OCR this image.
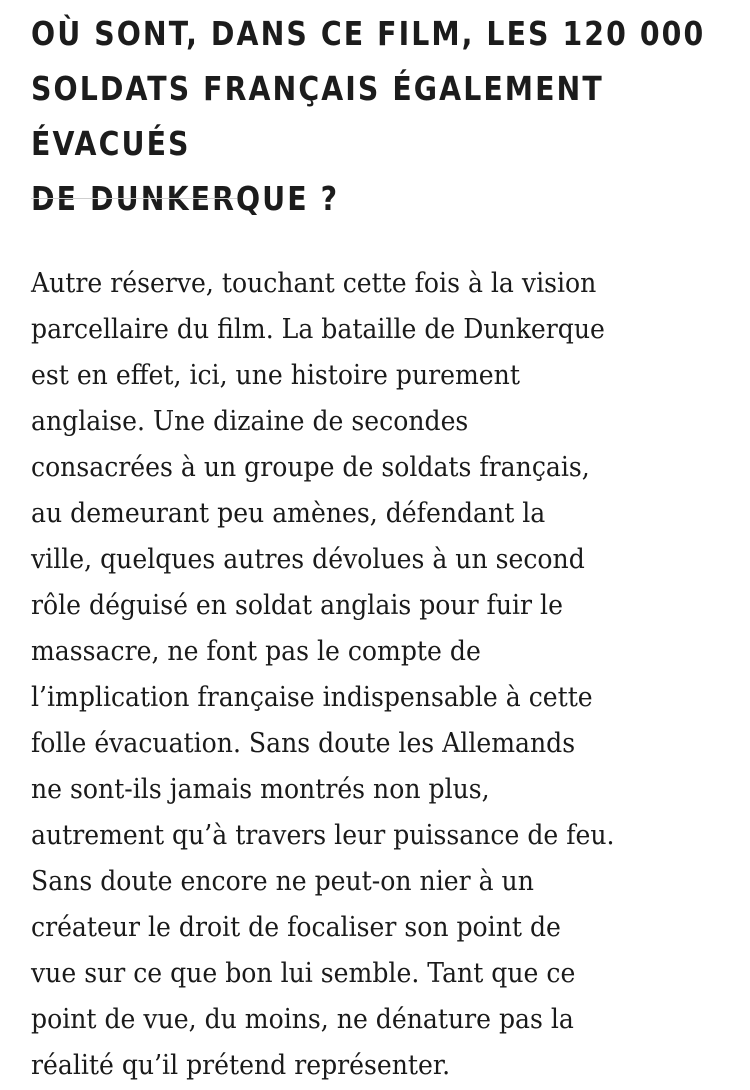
OÙ SONT, DANS CE FILM, LES 120 000
SOLDATS FRANÇAIS ÉGALEMENT ÉVACUÉS
DE DUNKERQUE ?

Autre réserve, touchant cette fois à la vision
parcellaire du film. La bataille de Dunkerque
est en effet, ici, une histoire purement
anglaise. Une dizaine de secondes
consacrées à un groupe de soldats français,
au demeurant peu amènes, défendant la
ville, quelques autres dévolues à un second
rôle déguisé en soldat anglais pour fuir le
massacre, ne font pas le compte de
l’implication française indispensable à cette
folle évacuation. Sans doute les Allemands
ne sont-ils jamais montrés non plus,
autrement qu’à travers leur puissance de feu.
Sans doute encore ne peut-on nier à un
créateur le droit de focaliser son point de
vue sur ce que bon lui semble. Tant que ce
point de vue, du moins, ne dénature pas la
réalité qu’il prétend représenter.
